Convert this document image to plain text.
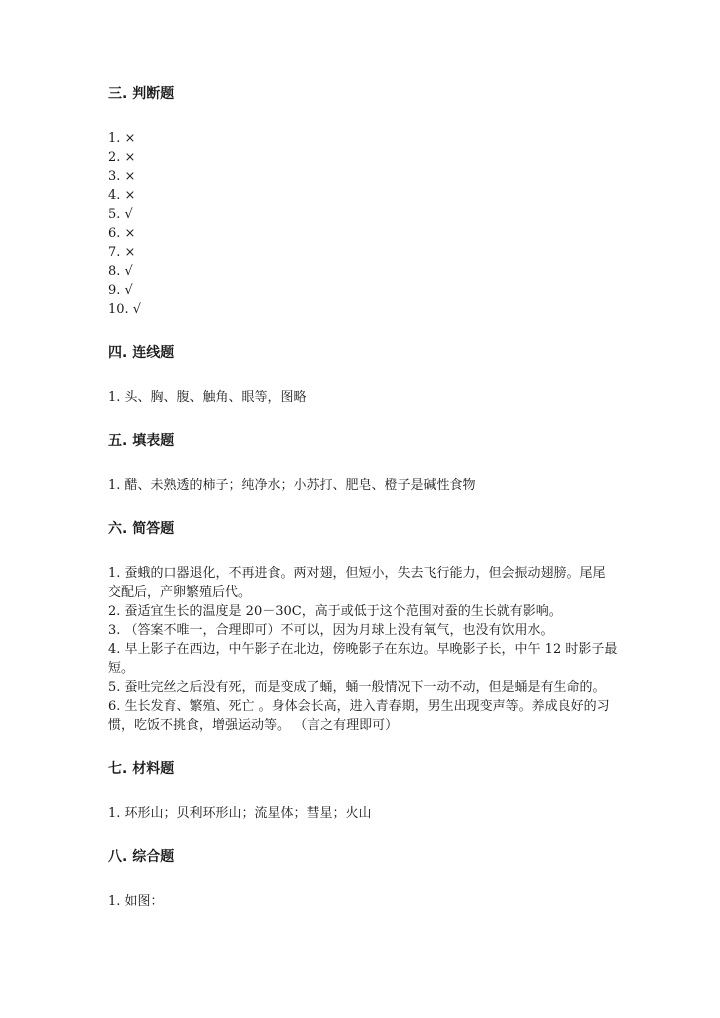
三. 判断题
1. ×
2. ×
3. ×
4. ×
5. √
6. ×
7. ×
8. √
9. √
10. √
四. 连线题

1. 头、胸、腹、触角、眼等，图略

五. 填表题

1. 醋、未熟透的柿子；纯净水；小苏打、肥皂、橙子是碱性食物

六. 简答题

1. 蚕蛾的口器退化，不再进食。两对翅，但短小，失去飞行能力，但会振动翅膀。尾尾交配后，产卵繁殖后代。

2. 蚕适宜生长的温度是 20－30C，高于或低于这个范围对蚕的生长就有影响。

3. （答案不唯一，合理即可）不可以，因为月球上没有氧气，也没有饮用水。

4. 早上影子在西边，中午影子在北边，傍晚影子在东边。早晚影子长，中午 12 时影子最短。

5. 蚕吐完丝之后没有死，而是变成了蛹，蛹一般情况下一动不动，但是蛹是有生命的。

6. 生长发育、繁殖、死亡 。身体会长高，进入青春期，男生出现变声等。养成良好的习惯，吃饭不挑食，增强运动等。 （言之有理即可）

七. 材料题

1. 环形山；贝利环形山；流星体；彗星；火山

八. 综合题

1. 如图：
